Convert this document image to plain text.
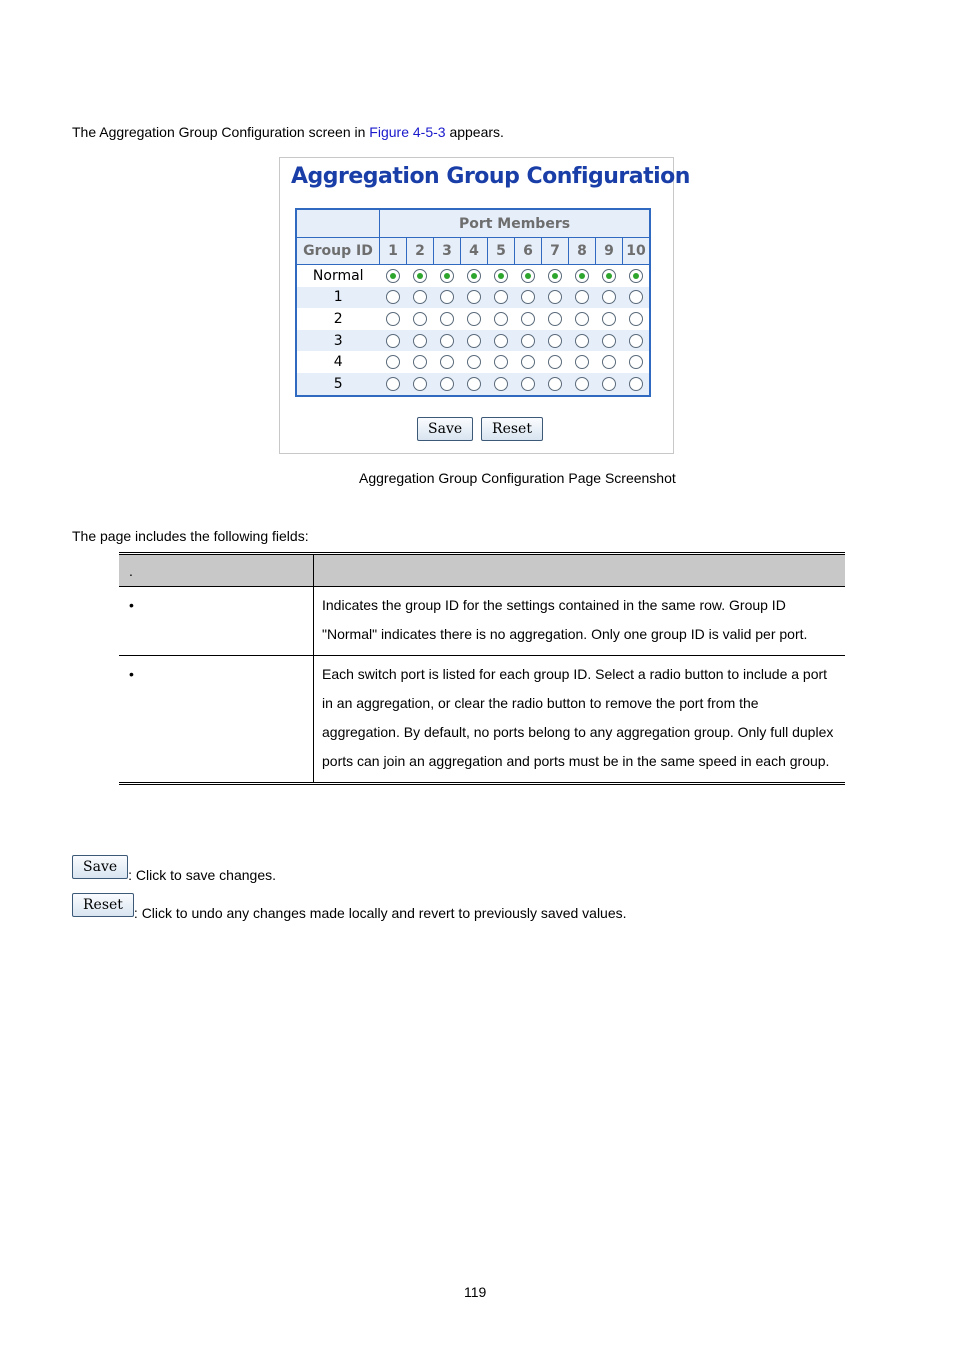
The Aggregation Group Configuration screen in Figure 4-5-3 appears.
Aggregation Group Configuration
	Port Members									
Group ID	1	2	3	4	5	6	7	8	9	10
Normal										
1										
2										
3										
4										
5										
Save Reset
Aggregation Group Configuration Page Screenshot
The page includes the following fields:
.	
•	Indicates the group ID for the settings contained in the same row. Group ID "Normal" indicates there is no aggregation. Only one group ID is valid per port.
•	Each switch port is listed for each group ID. Select a radio button to include a port in an aggregation, or clear the radio button to remove the port from the aggregation. By default, no ports belong to any aggregation group. Only full duplex ports can join an aggregation and ports must be in the same speed in each group.
Save : Click to save changes.
Reset : Click to undo any changes made locally and revert to previously saved values.
119
